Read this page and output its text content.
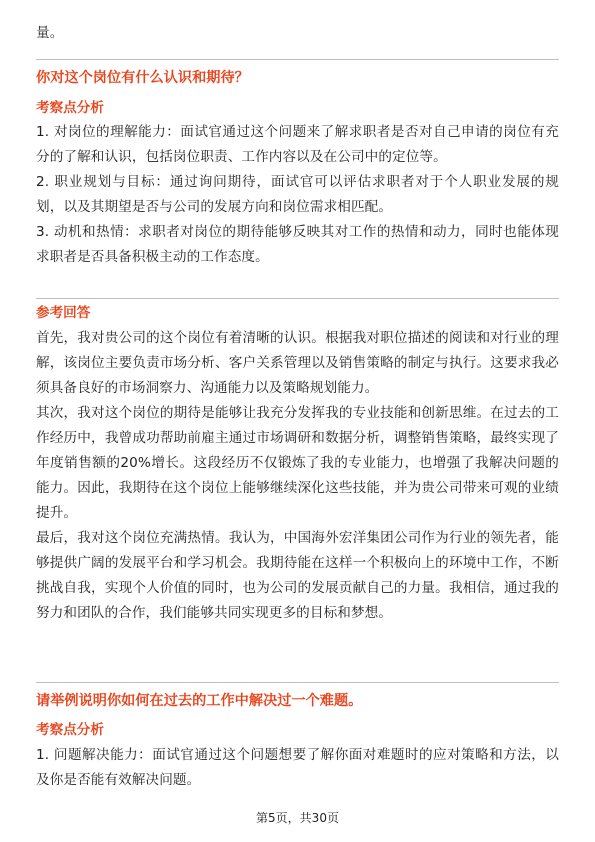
量。

你对这个岗位有什么认识和期待？

考察点分析

1. 对岗位的理解能力：面试官通过这个问题来了解求职者是否对自己申请的岗位有充分的了解和认识，包括岗位职责、工作内容以及在公司中的定位等。

2. 职业规划与目标：通过询问期待，面试官可以评估求职者对于个人职业发展的规划，以及其期望是否与公司的发展方向和岗位需求相匹配。

3. 动机和热情：求职者对岗位的期待能够反映其对工作的热情和动力，同时也能体现求职者是否具备积极主动的工作态度。

参考回答

首先，我对贵公司的这个岗位有着清晰的认识。根据我对职位描述的阅读和对行业的理解，该岗位主要负责市场分析、客户关系管理以及销售策略的制定与执行。这要求我必须具备良好的市场洞察力、沟通能力以及策略规划能力。

其次，我对这个岗位的期待是能够让我充分发挥我的专业技能和创新思维。在过去的工作经历中，我曾成功帮助前雇主通过市场调研和数据分析，调整销售策略，最终实现了年度销售额的20%增长。这段经历不仅锻炼了我的专业能力，也增强了我解决问题的能力。因此，我期待在这个岗位上能够继续深化这些技能，并为贵公司带来可观的业绩提升。

最后，我对这个岗位充满热情。我认为，中国海外宏洋集团公司作为行业的领先者，能够提供广阔的发展平台和学习机会。我期待能在这样一个积极向上的环境中工作，不断挑战自我，实现个人价值的同时，也为公司的发展贡献自己的力量。我相信，通过我的努力和团队的合作，我们能够共同实现更多的目标和梦想。

请举例说明你如何在过去的工作中解决过一个难题。

考察点分析

1. 问题解决能力：面试官通过这个问题想要了解你面对难题时的应对策略和方法，以及你是否能有效解决问题。

第5页，共30页
